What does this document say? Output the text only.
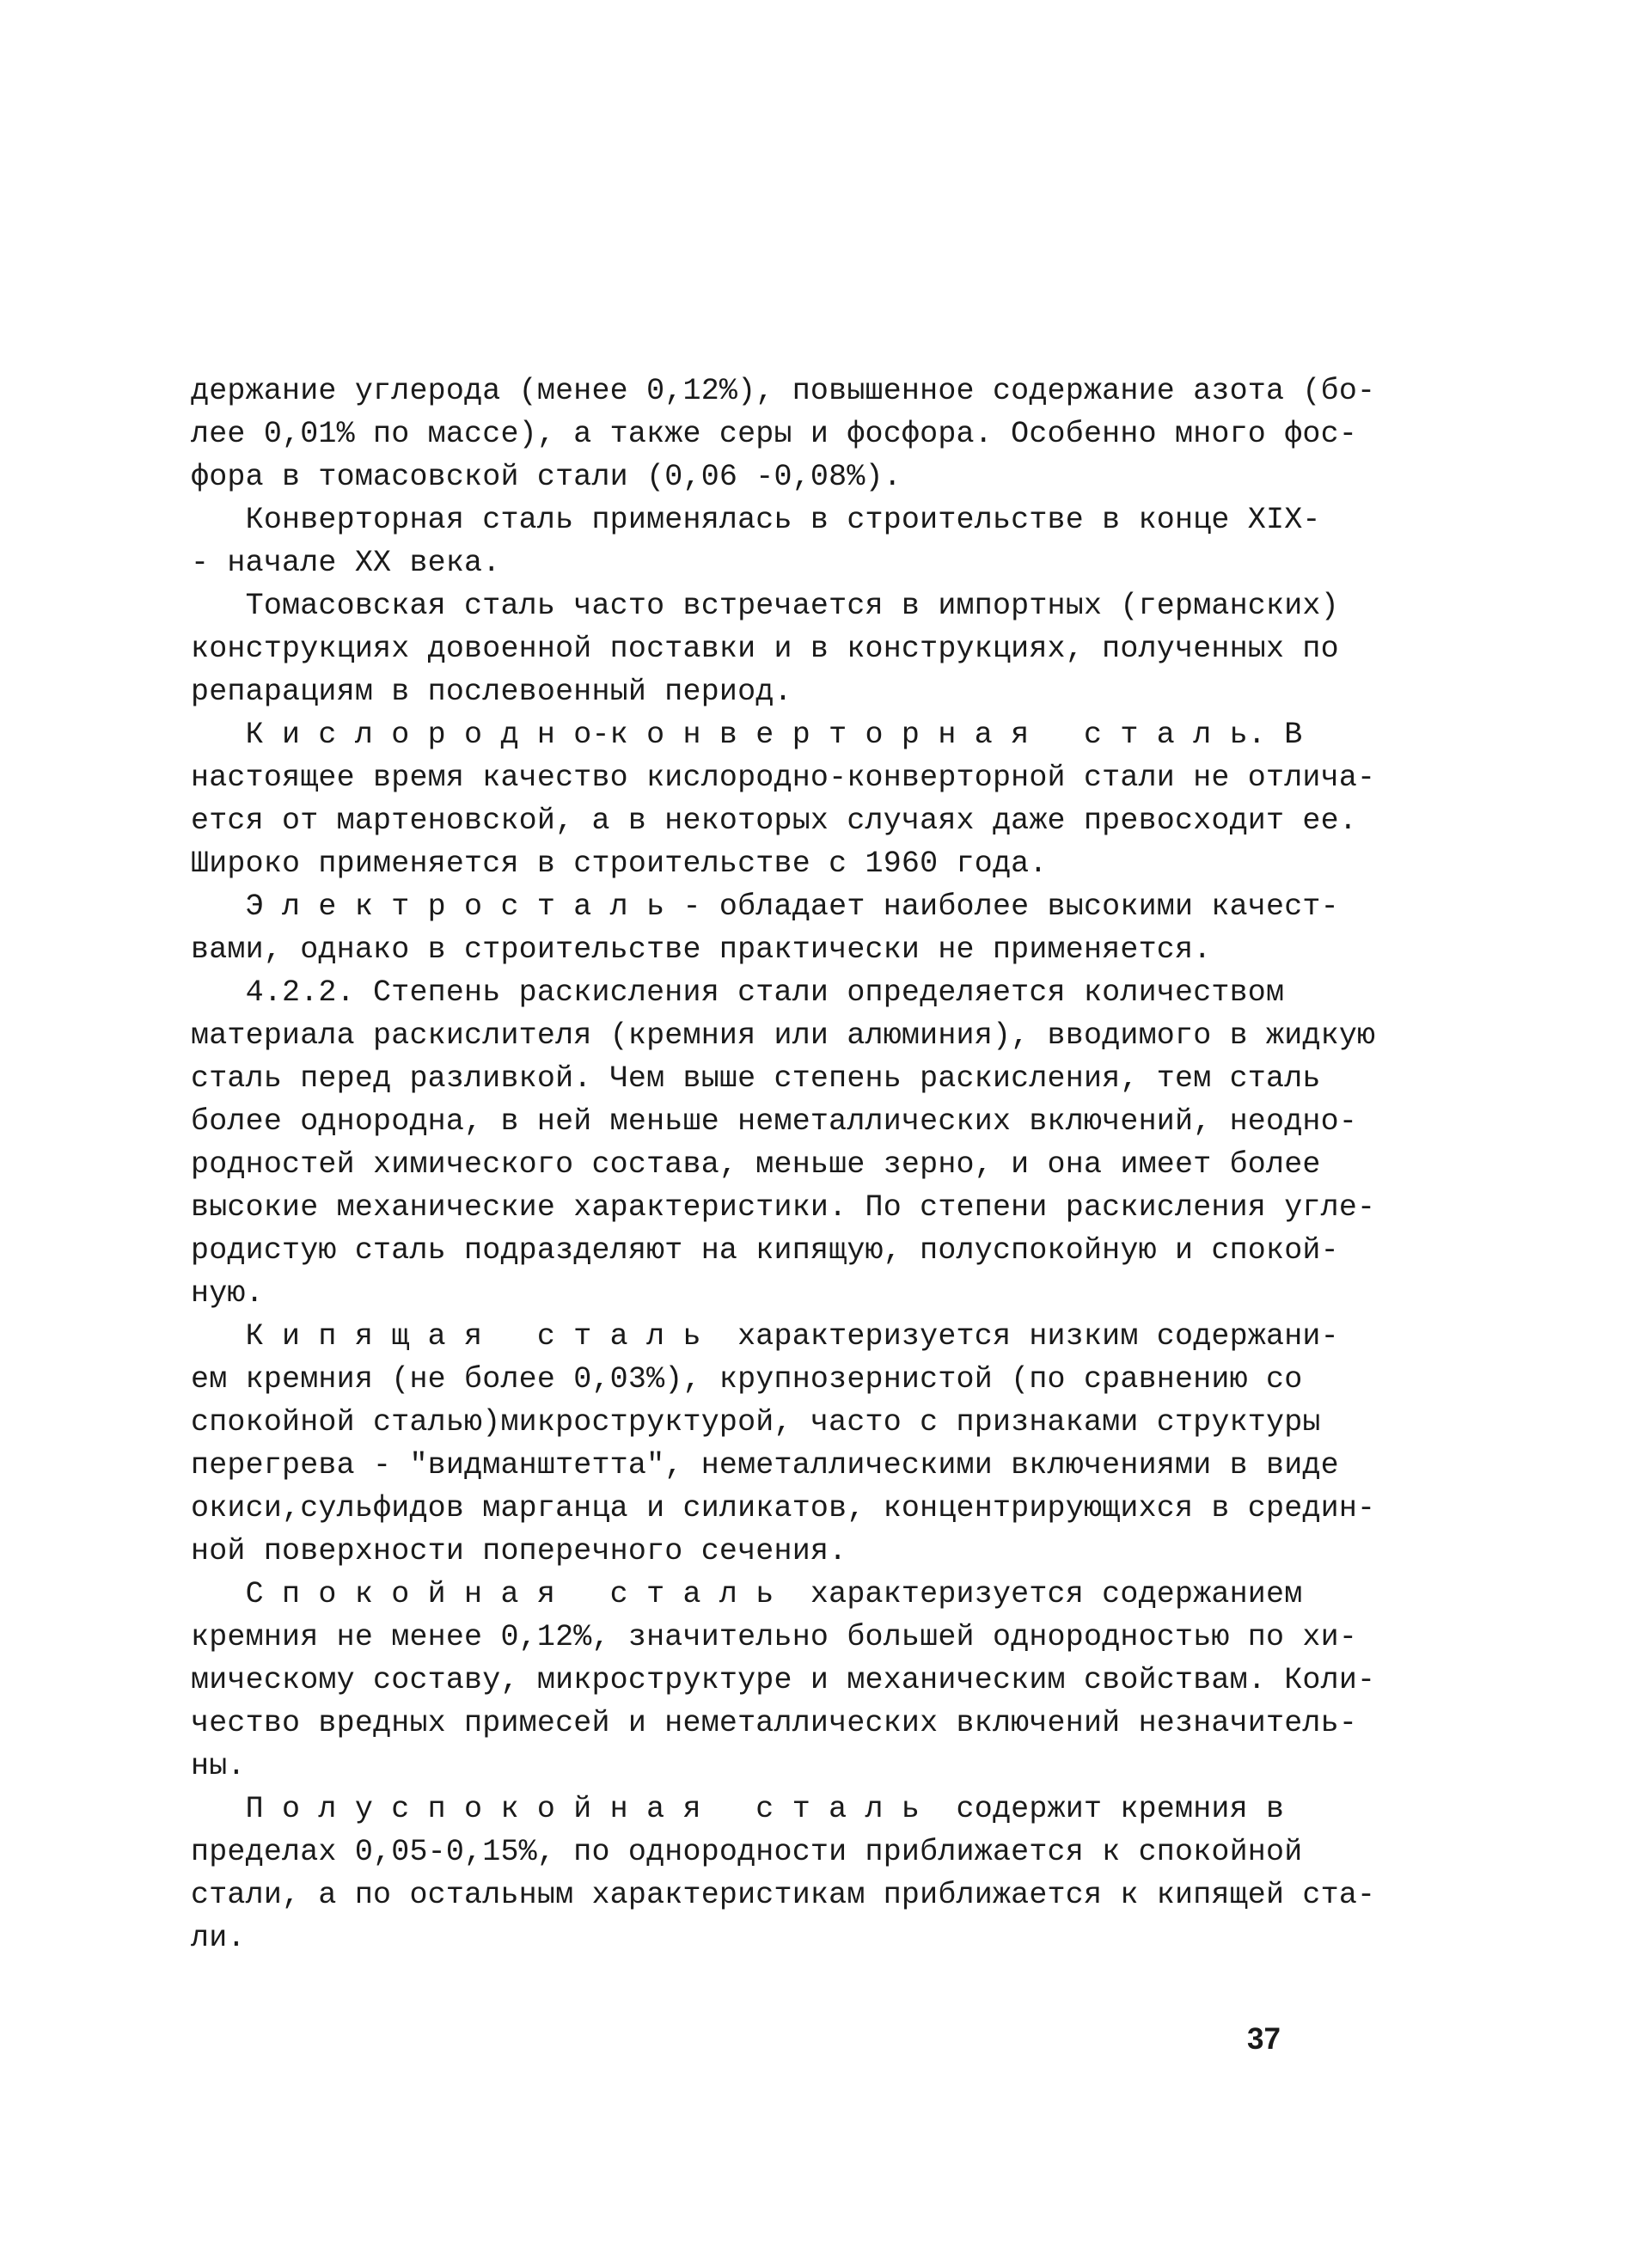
держание углерода (менее 0,12%), повышенное содержание азота (бо-
лее 0,01% по массе), а также серы и фосфора. Особенно много фос-
фора в томасовской стали (0,06 -0,08%).
Конверторная сталь применялась в строительстве в конце XIX-
- начале XX века.
Томасовская сталь часто встречается в импортных (германских)
конструкциях довоенной поставки и в конструкциях, полученных по
репарациям в послевоенный период.
К и с л о р о д н о-к о н в е р т о р н а я   с т а л ь. В
настоящее время качество кислородно-конверторной стали не отлича-
ется от мартеновской, а в некоторых случаях даже превосходит ее.
Широко применяется в строительстве с 1960 года.
Э л е к т р о с т а л ь - обладает наиболее высокими качест-
вами, однако в строительстве практически не применяется.
4.2.2. Степень раскисления стали определяется количеством
материала раскислителя (кремния или алюминия), вводимого в жидкую
сталь перед разливкой. Чем выше степень раскисления, тем сталь
более однородна, в ней меньше неметаллических включений, неодно-
родностей химического состава, меньше зерно, и она имеет более
высокие механические характеристики. По степени раскисления угле-
родистую сталь подразделяют на кипящую, полуспокойную и спокой-
ную.
К и п я щ а я   с т а л ь  характеризуется низким содержани-
ем кремния (не более 0,03%), крупнозернистой (по сравнению со
спокойной сталью)микроструктурой, часто с признаками структуры
перегрева - "видманштетта", неметаллическими включениями в виде
окиси,сульфидов марганца и силикатов, концентрирующихся в средин-
ной поверхности поперечного сечения.
С п о к о й н а я   с т а л ь  характеризуется содержанием
кремния не менее 0,12%, значительно большей однородностью по хи-
мическому составу, микроструктуре и механическим свойствам. Коли-
чество вредных примесей и неметаллических включений незначитель-
ны.
П о л у с п о к о й н а я   с т а л ь  содержит кремния в
пределах 0,05-0,15%, по однородности приближается к спокойной
стали, а по остальным характеристикам приближается к кипящей ста-
ли.
37
